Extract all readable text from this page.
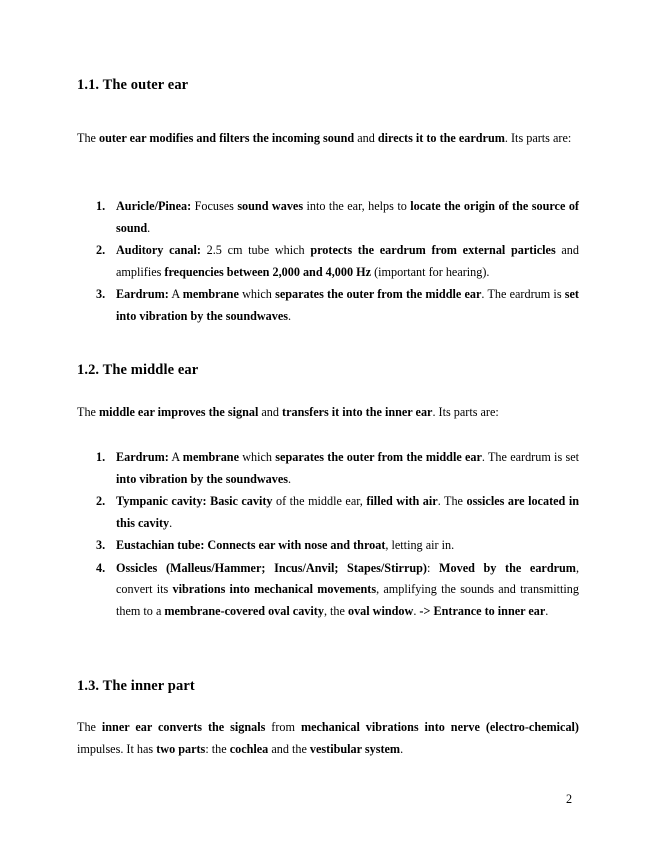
1.1. The outer ear

The outer ear modifies and filters the incoming sound and directs it to the eardrum. Its parts are:

1. Auricle/Pinea: Focuses sound waves into the ear, helps to locate the origin of the source of sound.
2. Auditory canal: 2.5 cm tube which protects the eardrum from external particles and amplifies frequencies between 2,000 and 4,000 Hz (important for hearing).
3. Eardrum: A membrane which separates the outer from the middle ear. The eardrum is set into vibration by the soundwaves.
1.2. The middle ear

The middle ear improves the signal and transfers it into the inner ear. Its parts are:

1. Eardrum: A membrane which separates the outer from the middle ear. The eardrum is set into vibration by the soundwaves.
2. Tympanic cavity: Basic cavity of the middle ear, filled with air. The ossicles are located in this cavity.
3. Eustachian tube: Connects ear with nose and throat, letting air in.
4. Ossicles (Malleus/Hammer; Incus/Anvil; Stapes/Stirrup): Moved by the eardrum, convert its vibrations into mechanical movements, amplifying the sounds and transmitting them to a membrane-covered oval cavity, the oval window. -> Entrance to inner ear.
1.3. The inner part

The inner ear converts the signals from mechanical vibrations into nerve (electro-chemical) impulses. It has two parts: the cochlea and the vestibular system.

2
